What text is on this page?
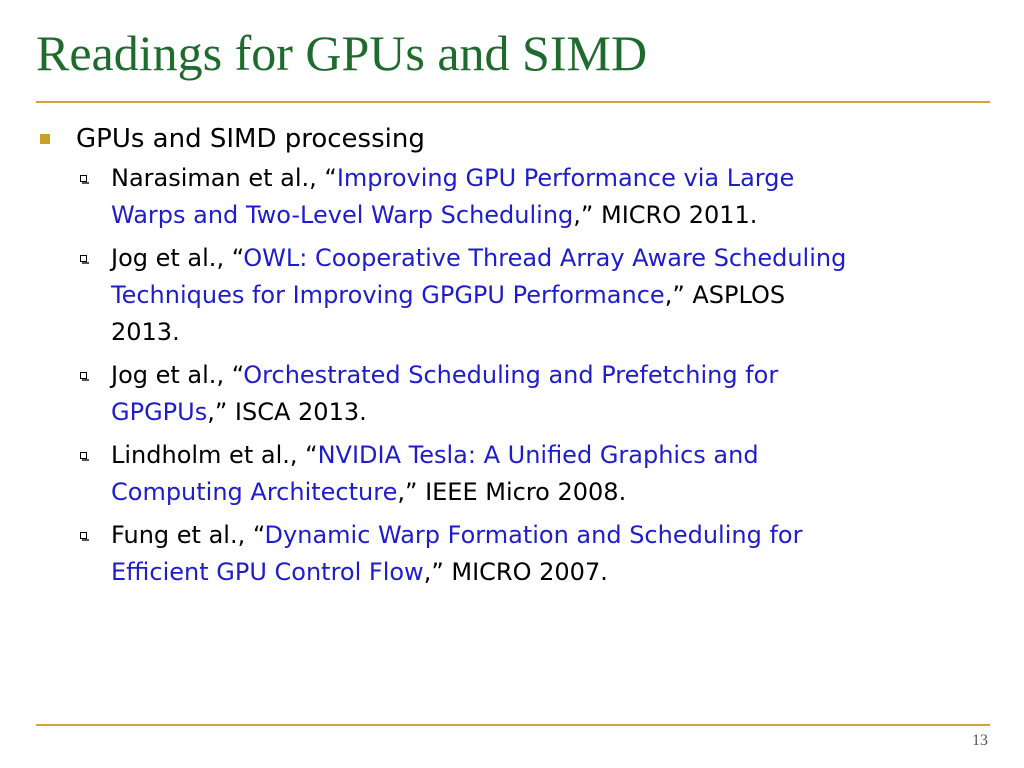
Readings for GPUs and SIMD

GPUs and SIMD processing

Narasiman et al., “Improving GPU Performance via Large
Warps and Two-Level Warp Scheduling,” MICRO 2011.
Jog et al., “OWL: Cooperative Thread Array Aware Scheduling
Techniques for Improving GPGPU Performance,” ASPLOS
2013.
Jog et al., “Orchestrated Scheduling and Prefetching for
GPGPUs,” ISCA 2013.
Lindholm et al., “NVIDIA Tesla: A Unified Graphics and
Computing Architecture,” IEEE Micro 2008.
Fung et al., “Dynamic Warp Formation and Scheduling for
Efficient GPU Control Flow,” MICRO 2007.
13
